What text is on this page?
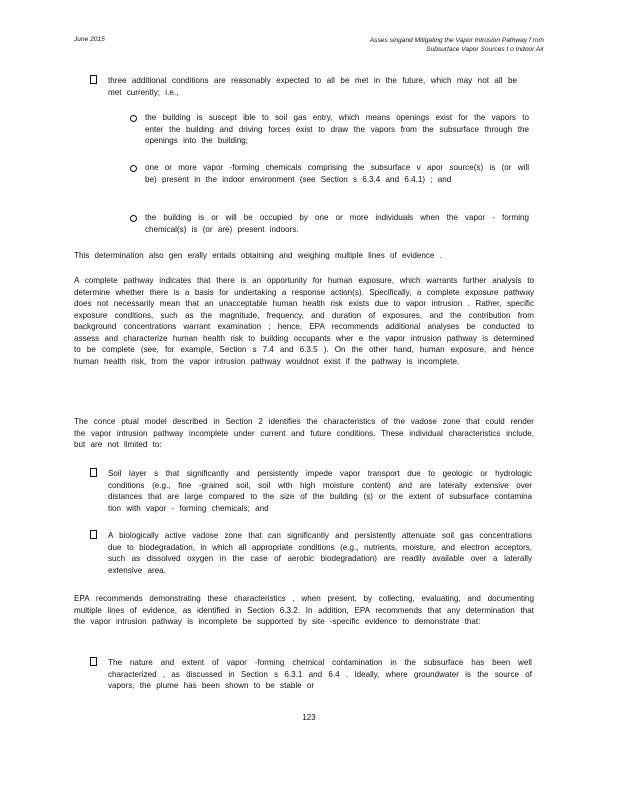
June 2015	Asses singand Mitigating the Vapor Intrusion Pathway f rom
Subsurface Vapor Sources t o Indoor Air
three additional conditions are reasonably expected to all be met in the future, which may not all be met currently; i.e.,
the building is suscept ible to soil gas entry, which means openings exist for the vapors to enter the building and driving forces exist to draw the vapors from the subsurface through the openings into the building;
one or more vapor -forming chemicals comprising the subsurface v apor source(s) is (or will be) present in the indoor environment (see Section s 6.3.4 and 6.4.1) ; and
the building is or will be occupied by one or more individuals when the vapor - forming chemical(s) is (or are) present indoors.
This determination also gen erally entails obtaining and weighing multiple lines of evidence .
A complete pathway indicates that there is an opportunity for human exposure, which warrants further analysis to determine whether there is a basis for undertaking a response action(s). Specifically, a complete exposure pathway does not necessarily mean that an unacceptable human health risk exists due to vapor intrusion . Rather, specific exposure conditions, such as the magnitude, frequency, and duration of exposures, and the contribution from background concentrations warrant examination ; hence, EPA recommends additional analyses be conducted to assess and characterize human health risk to building occupants wher e the vapor intrusion pathway is determined to be complete (see, for example, Section s 7.4 and 6.3.5 ). On the other hand, human exposure, and hence human health risk, from the vapor intrusion pathway wouldnot exist if the pathway is incomplete.
The conce ptual model described in Section 2 identifies the characteristics of the vadose zone that could render the vapor intrusion pathway incomplete under current and future conditions. These individual characteristics include, but are not limited to:
Soil layer s that significantly and persistently impede vapor transport due to geologic or hydrologic conditions (e.g., fine -grained soil, soil with high moisture content) and are laterally extensive over distances that are large compared to the size of the building (s) or the extent of subsurface contamina tion with vapor - forming chemicals; and
A biologically active vadose zone that can significantly and persistently attenuate soil gas concentrations due to biodegradation, in which all appropriate conditions (e.g., nutrients, moisture, and electron acceptors, such as dissolved oxygen in the case of aerobic biodegradation) are readily available over a laterally extensive area.
EPA recommends demonstrating these characteristics , when present, by collecting, evaluating, and documenting multiple lines of evidence, as identified in Section 6.3.2. In addition, EPA recommends that any determination that the vapor intrusion pathway is incomplete be supported by site -specific evidence to demonstrate that:
The nature and extent of vapor -forming chemical contamination in the subsurface has been well characterized , as discussed in Section s 6.3.1 and 6.4 . Ideally, where groundwater is the source of vapors, the plume has been shown to be stable or
123
